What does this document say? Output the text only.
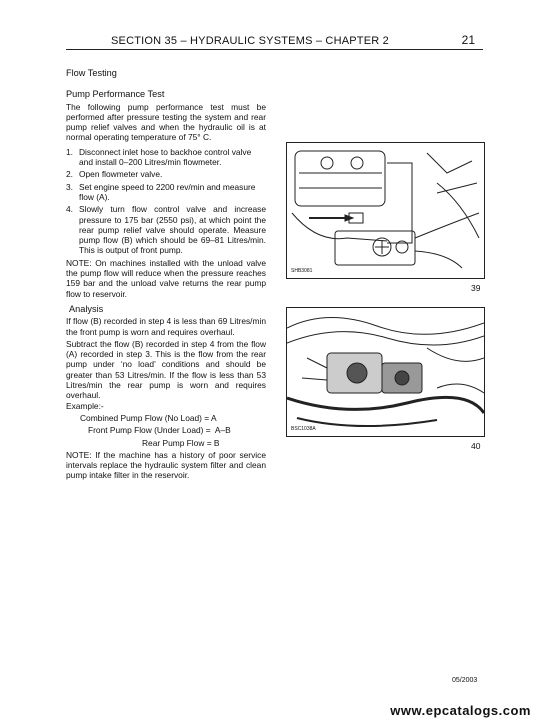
SECTION 35 – HYDRAULIC SYSTEMS – CHAPTER 2	21

Flow Testing

Pump Performance Test

The following pump performance test must be performed after pressure testing the system and rear pump relief valves and when the hydraulic oil is at normal operating temperature of 75° C.

1. Disconnect inlet hose to backhoe control valve and install 0–200 Litres/min flowmeter.
2. Open flowmeter valve.
3. Set engine speed to 2200 rev/min and measure flow (A).
4. Slowly turn flow control valve and increase pressure to 175 bar (2550 psi), at which point the rear pump relief valve should operate. Measure pump flow (B) which should be 69–81 Litres/min. This is output of front pump.

NOTE: On machines installed with the unload valve the pump flow will reduce when the pressure reaches 159 bar and the unload valve returns the rear pump flow to reservoir.

Analysis

If flow (B) recorded in step 4 is less than 69 Litres/min the front pump is worn and requires overhaul.

Subtract the flow (B) recorded in step 4 from the flow (A) recorded in step 3. This is the flow from the rear pump under ‘no load’ conditions and should be greater than 53 Litres/min. If the flow is less than 53 Litres/min the rear pump is worn and requires overhaul.

Example:-

Combined Pump Flow (No Load) = A

Front Pump Flow (Under Load) =  A–B

Rear Pump Flow = B

NOTE: If the machine has a history of poor service intervals replace the hydraulic system filter and clean pump intake filter in the reservoir.

SHB3081
39
BSC1038A
40
05/2003
www.epcatalogs.com
